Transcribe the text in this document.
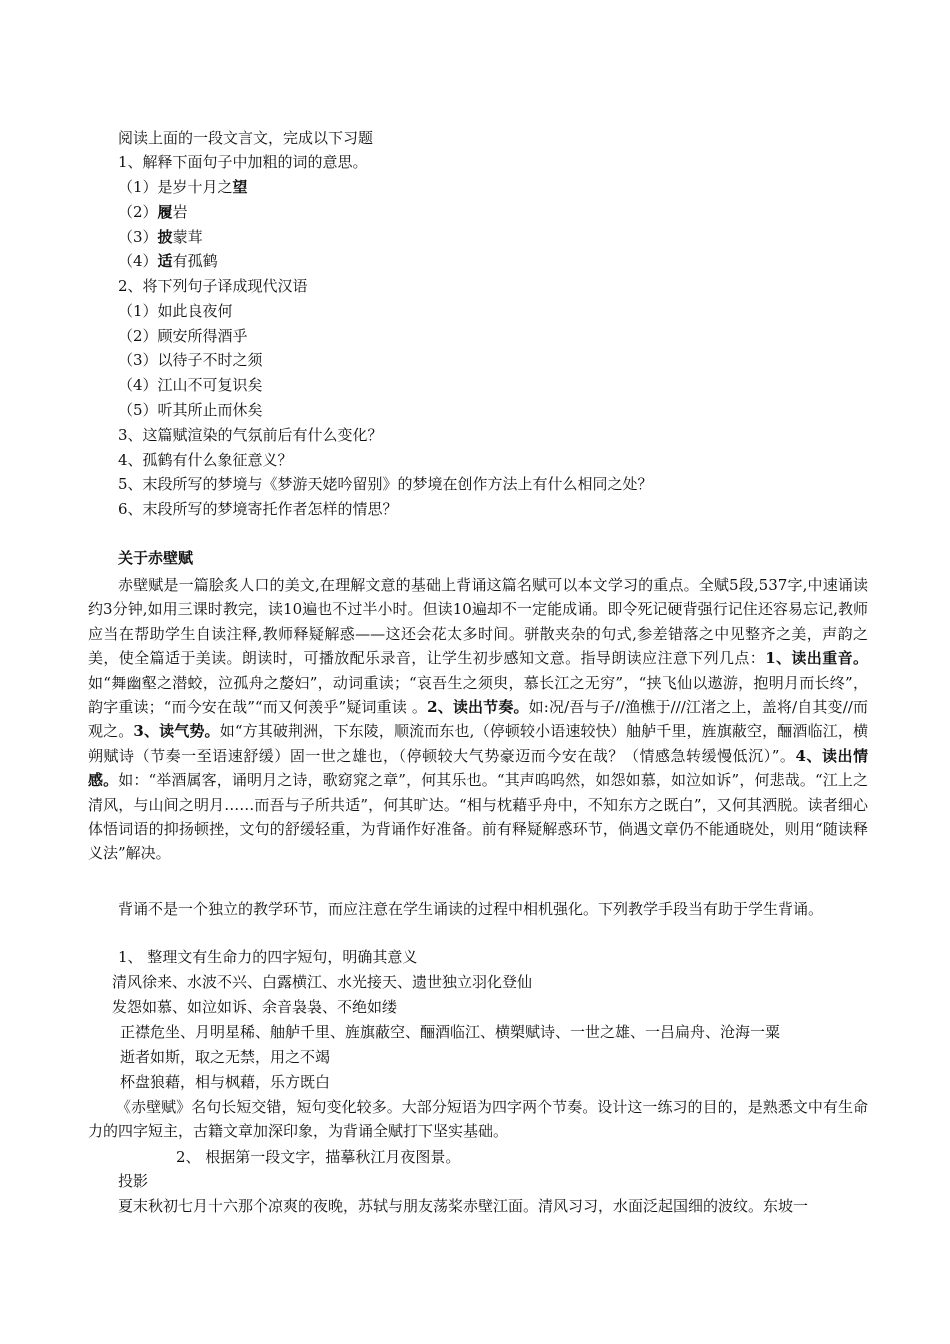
阅读上面的一段文言文，完成以下习题
1、解释下面句子中加粗的词的意思。
（1）是岁十月之望
（2）履岩
（3）披蒙茸
（4）适有孤鹤
2、将下列句子译成现代汉语
（1）如此良夜何
（2）顾安所得酒乎
（3）以待子不时之须
（4）江山不可复识矣
（5）听其所止而休矣
3、这篇赋渲染的气氛前后有什么变化？
4、孤鹤有什么象征意义？
5、末段所写的梦境与《梦游天姥吟留别》的梦境在创作方法上有什么相同之处？
6、末段所写的梦境寄托作者怎样的情思？
关于赤壁赋
赤壁赋是一篇脍炙人口的美文,在理解文意的基础上背诵这篇名赋可以本文学习的重点。全赋5段,537字,中速诵读约3分钟,如用三课时教完，读10遍也不过半小时。但读10遍却不一定能成诵。即令死记硬背强行记住还容易忘记,教师应当在帮助学生自读注释,教师释疑解惑——这还会花太多时间。骈散夹杂的句式,参差错落之中见整齐之美，声韵之美，使全篇适于美读。朗读时，可播放配乐录音，让学生初步感知文意。指导朗读应注意下列几点：1、读出重音。如“舞幽壑之潜蛟，泣孤舟之嫠妇”，动词重读；“哀吾生之须臾，慕长江之无穷”，“挟飞仙以遨游，抱明月而长终”，韵字重读；“而今安在哉”“而又何羡乎”疑词重读 。2、读出节奏。如:况/吾与子//渔樵于///江渚之上，盖将/自其变//而观之。3、读气势。如“方其破荆洲，下东陵，顺流而东也,（停顿较小语速较快）舳舻千里，旌旗蔽空，酾酒临江，横朔赋诗（节奏一至语速舒缓）固一世之雄也，（停顿较大气势豪迈而今安在哉？（情感急转缓慢低沉）”。4、读出情感。如：“举酒属客，诵明月之诗，歌窈窕之章”，何其乐也。“其声呜呜然，如怨如慕，如泣如诉”，何悲哉。“江上之清风，与山间之明月……而吾与子所共适”，何其旷达。“相与枕藉乎舟中，不知东方之既白”，又何其洒脱。读者细心体悟词语的抑扬顿挫，文句的舒缓轻重，为背诵作好准备。前有释疑解惑环节，倘遇文章仍不能通晓处，则用“随读释义法”解决。
背诵不是一个独立的教学环节，而应注意在学生诵读的过程中相机强化。下列教学手段当有助于学生背诵。
1、 整理文有生命力的四字短句，明确其意义
清风徐来、水波不兴、白露横江、水光接天、遗世独立羽化登仙
发怨如慕、如泣如诉、余音袅袅、不绝如缕
正襟危坐、月明星稀、舳舻千里、旌旗蔽空、酾酒临江、横槊赋诗、一世之雄、一吕扁舟、沧海一粟
逝者如斯，取之无禁，用之不竭
杯盘狼藉，相与枫藉，乐方既白
《赤壁赋》名句长短交错，短句变化较多。大部分短语为四字两个节奏。设计这一练习的目的，是熟悉文中有生命力的四字短主，古籍文章加深印象，为背诵全赋打下坚实基础。
2、 根据第一段文字，描摹秋江月夜图景。
投影
夏末秋初七月十六那个凉爽的夜晚，苏轼与朋友荡桨赤壁江面。清风习习，水面泛起国细的波纹。东坡一
